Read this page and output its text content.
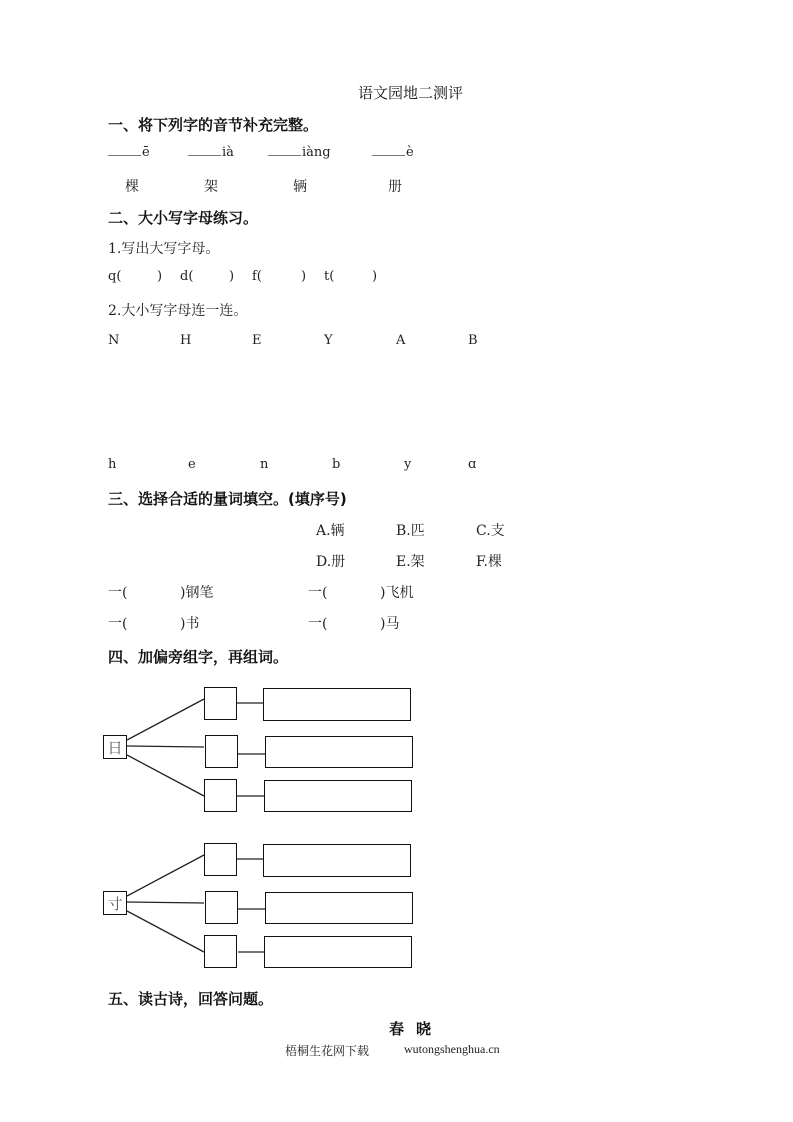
语文园地二测评
一、将下列字的音节补充完整。
ē	ià	iàng	è
棵	架	辆	册
二、大小写字母练习。
1.写出大写字母。
q(	) d(	) f(	) t(	)
2.大小写字母连一连。
N	H	E	Y	A	B
h	e	n	b	y	ɑ
三、选择合适的量词填空。(填序号)
A.辆	B.匹	C.支
D.册	E.架	F.棵
一(	)钢笔	一(	)飞机
一(	)书	一(	)马
四、加偏旁组字，再组词。
日
寸
五、读古诗，回答问题。
春晓
梧桐生花网下载	wutongshenghua.cn
